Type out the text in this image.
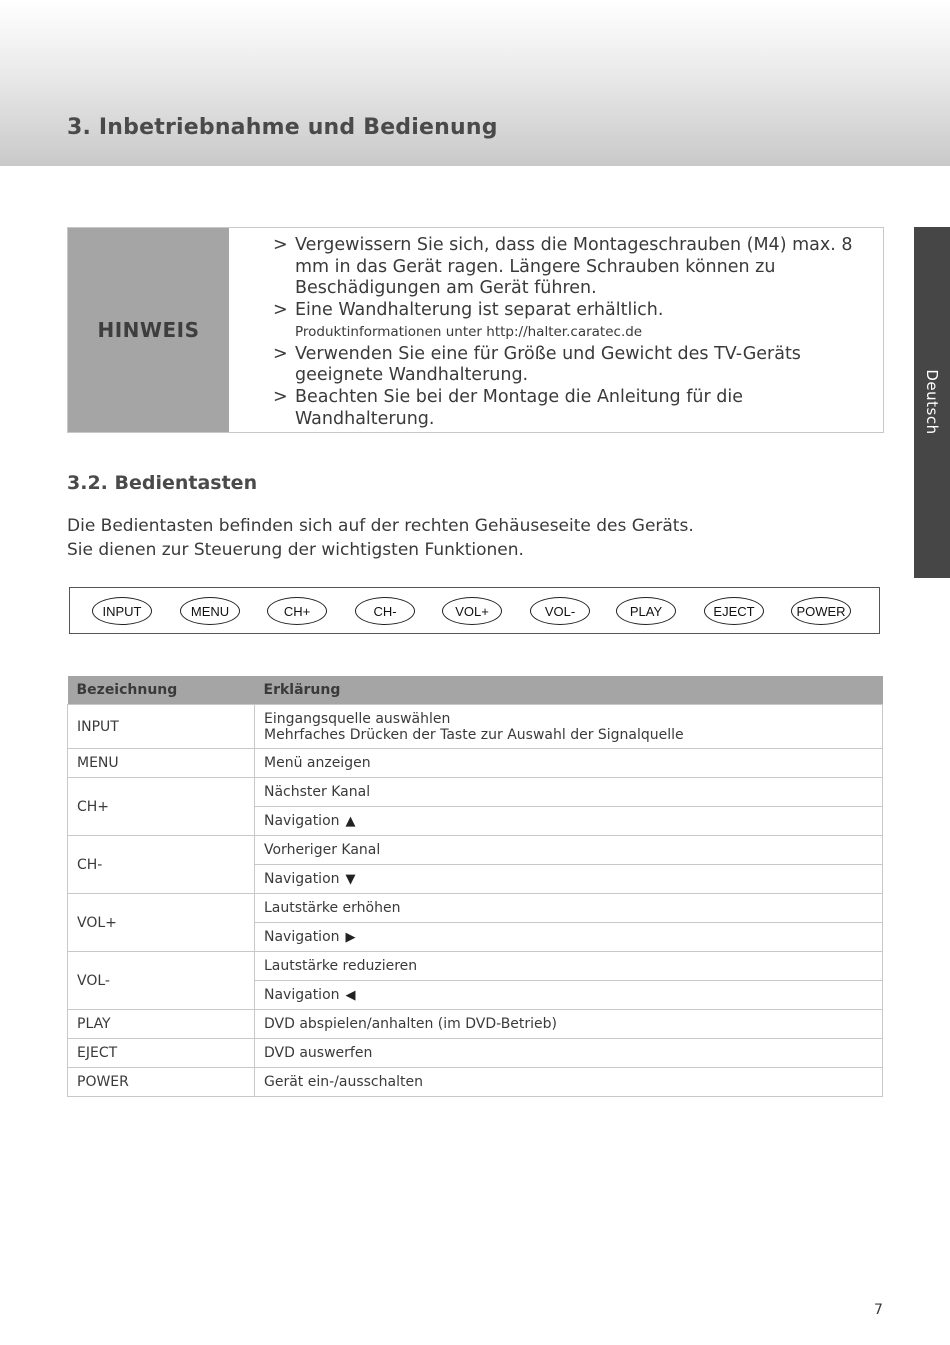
3. Inbetriebnahme und Bedienung
Deutsch
HINWEIS
> Vergewissern Sie sich, dass die Montageschrauben (M4) max. 8 mm in das Gerät ragen. Längere Schrauben können zu Beschädigungen am Gerät führen.
> Eine Wandhalterung ist separat erhältlich.
Produktinformationen unter http://halter.caratec.de
> Verwenden Sie eine für Größe und Gewicht des TV-Geräts geeignete Wandhalterung.
> Beachten Sie bei der Montage die Anleitung für die Wandhalterung.
3.2. Bedientasten

Die Bedientasten befinden sich auf der rechten Gehäuseseite des Geräts.

Sie dienen zur Steuerung der wichtigsten Funktionen.

INPUT	MENU	CH+	CH-	VOL+	VOL-	PLAY	EJECT	POWER
Bezeichnung	Erklärung
INPUT	Eingangsquelle auswählen
Mehrfaches Drücken der Taste zur Auswahl der Signalquelle

MENU	Menü anzeigen
CH+	Nächster Kanal
	Navigation ▲
CH-	Vorheriger Kanal
	Navigation ▼
VOL+	Lautstärke erhöhen
	Navigation ▶
VOL-	Lautstärke reduzieren
	Navigation ◀
PLAY	DVD abspielen/anhalten (im DVD-Betrieb)
EJECT	DVD auswerfen
POWER	Gerät ein-/ausschalten
7
